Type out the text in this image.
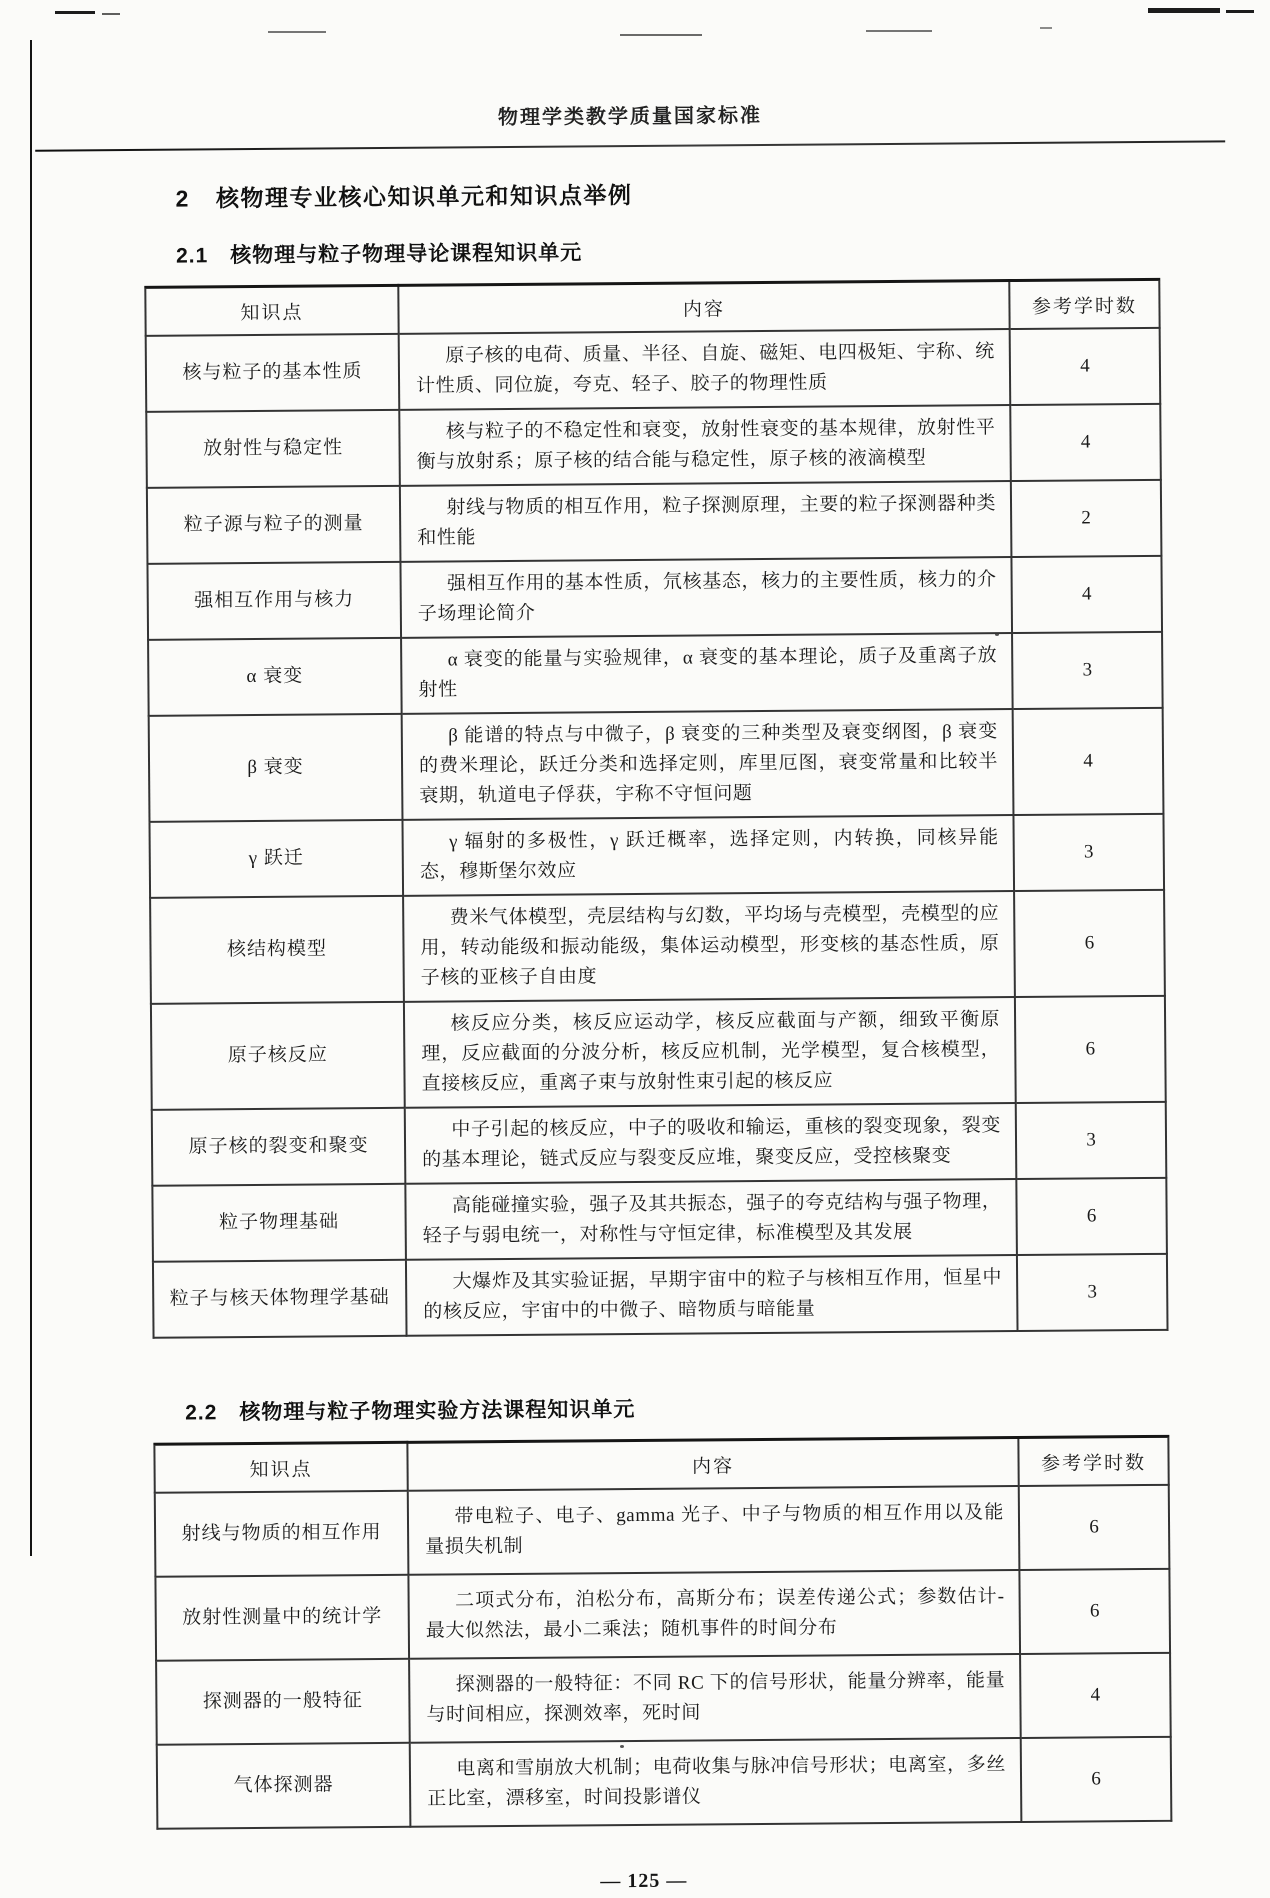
物理学类教学质量国家标准
2 核物理专业核心知识单元和知识点举例
2.1 核物理与粒子物理导论课程知识单元
知识点	内容	参考学时数
核与粒子的基本性质	原子核的电荷、质量、半径、自旋、磁矩、电四极矩、宇称、统计性质、同位旋，夸克、轻子、胶子的物理性质	4
放射性与稳定性	核与粒子的不稳定性和衰变，放射性衰变的基本规律，放射性平衡与放射系；原子核的结合能与稳定性，原子核的液滴模型	4
粒子源与粒子的测量	射线与物质的相互作用，粒子探测原理，主要的粒子探测器种类和性能	2
强相互作用与核力	强相互作用的基本性质，氘核基态，核力的主要性质，核力的介子场理论简介	4
α 衰变	α 衰变的能量与实验规律，α 衰变的基本理论，质子及重离子放射性	3
β 衰变	β 能谱的特点与中微子，β 衰变的三种类型及衰变纲图，β 衰变的费米理论，跃迁分类和选择定则，库里厄图，衰变常量和比较半衰期，轨道电子俘获，宇称不守恒问题	4
γ 跃迁	γ 辐射的多极性，γ 跃迁概率，选择定则，内转换，同核异能态，穆斯堡尔效应	3
核结构模型	费米气体模型，壳层结构与幻数，平均场与壳模型，壳模型的应用，转动能级和振动能级，集体运动模型，形变核的基态性质，原子核的亚核子自由度	6
原子核反应	核反应分类，核反应运动学，核反应截面与产额，细致平衡原理，反应截面的分波分析，核反应机制，光学模型，复合核模型，直接核反应，重离子束与放射性束引起的核反应	6
原子核的裂变和聚变	中子引起的核反应，中子的吸收和输运，重核的裂变现象，裂变的基本理论，链式反应与裂变反应堆，聚变反应，受控核聚变	3
粒子物理基础	高能碰撞实验，强子及其共振态，强子的夸克结构与强子物理，轻子与弱电统一，对称性与守恒定律，标准模型及其发展	6
粒子与核天体物理学基础	大爆炸及其实验证据，早期宇宙中的粒子与核相互作用，恒星中的核反应，宇宙中的中微子、暗物质与暗能量	3
2.2 核物理与粒子物理实验方法课程知识单元
知识点	内容	参考学时数
射线与物质的相互作用	带电粒子、电子、gamma 光子、中子与物质的相互作用以及能量损失机制	6
放射性测量中的统计学	二项式分布，泊松分布，高斯分布；误差传递公式；参数估计-最大似然法，最小二乘法；随机事件的时间分布	6
探测器的一般特征	探测器的一般特征：不同 RC 下的信号形状，能量分辨率，能量与时间相应，探测效率，死时间	4
气体探测器	电离和雪崩放大机制；电荷收集与脉冲信号形状；电离室，多丝正比室，漂移室，时间投影谱仪	6
— 125 —
